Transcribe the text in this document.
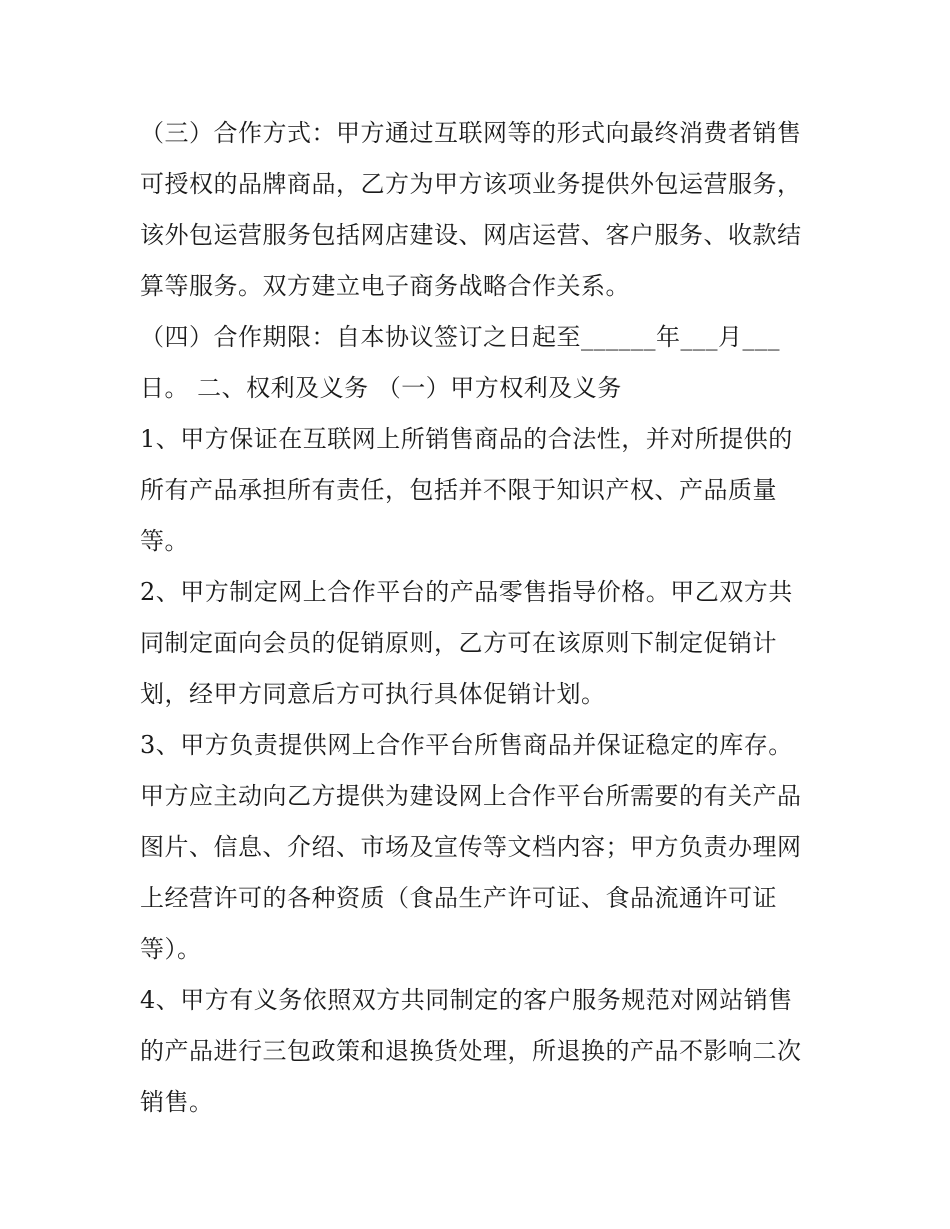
（三）合作方式：甲方通过互联网等的形式向最终消费者销售
可授权的品牌商品，乙方为甲方该项业务提供外包运营服务，
该外包运营服务包括网店建设、网店运营、客户服务、收款结
算等服务。双方建立电子商务战略合作关系。
（四）合作期限：自本协议签订之日起至______年___月___
日。 二、权利及义务 （一）甲方权利及义务
1、甲方保证在互联网上所销售商品的合法性，并对所提供的
所有产品承担所有责任，包括并不限于知识产权、产品质量
等。
2、甲方制定网上合作平台的产品零售指导价格。甲乙双方共
同制定面向会员的促销原则，乙方可在该原则下制定促销计
划，经甲方同意后方可执行具体促销计划。
3、甲方负责提供网上合作平台所售商品并保证稳定的库存。
甲方应主动向乙方提供为建设网上合作平台所需要的有关产品
图片、信息、介绍、市场及宣传等文档内容；甲方负责办理网
上经营许可的各种资质（食品生产许可证、食品流通许可证
等）。
4、甲方有义务依照双方共同制定的客户服务规范对网站销售
的产品进行三包政策和退换货处理，所退换的产品不影响二次
销售。
